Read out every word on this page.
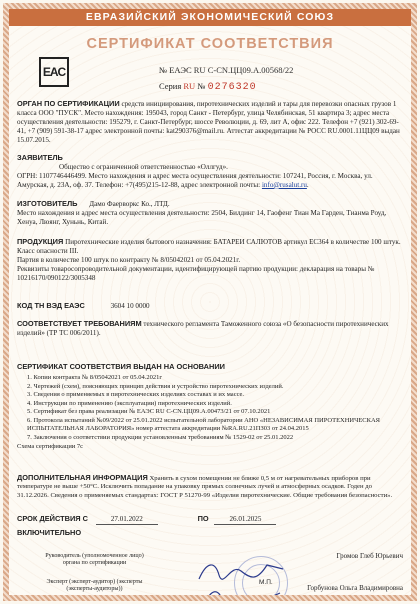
ЕВРАЗИЙСКИЙ ЭКОНОМИЧЕСКИЙ СОЮЗ
СЕРТИФИКАТ СООТВЕТСТВИЯ
EAC	№ ЕАЭС RU С-CN.ЦЦ09.А.00568/22
Серия RU № 0276320
ОРГАН ПО СЕРТИФИКАЦИИ средств инициирования, пиротехнических изделий и тары для перевозки опасных грузов 1 класса ООО "ПУСК". Место нахождения: 195043, город Санкт - Петербург, улица Челябинская, 51 квартира 3; адрес места осуществления деятельности: 195279, г. Санкт-Петербург, шоссе Революции, д. 69, лит А, офис 222. Телефон +7 (921) 302-69-41, +7 (909) 591-38-17 адрес электронной почты: kat290376@mail.ru. Аттестат аккредитации № РОСС RU.0001.11ЦЦ09 выдан 15.07.2015.
ЗАЯВИТЕЛЬ
Общество с ограниченной ответственностью «Оллгуд».
ОГРН: 1107746446499. Место нахождения и адрес места осуществления деятельности: 107241, Россия, г. Москва, ул. Амурская, д. 23А, оф. 37. Телефон: +7(495)215-12-88, адрес электронной почты: info@rusalut.ru.
ИЗГОТОВИТЕЛЬ Дамо Фаерворкс Ко., ЛТД.
Место нахождения и адрес места осуществления деятельности: 2504, Билдинг 14, Гаофенг Тиан Ма Гарден, Тианма Роуд, Хенуа, Люянг, Хуньнь, Китай.
ПРОДУКЦИЯ Пиротехнические изделия бытового назначения: БАТАРЕИ САЛЮТОВ артикул ЕС364 в количестве 100 штук. Класс опасности III.
Партия в количестве 100 штук по контракту № 8/05042021 от 05.04.2021г.
Реквизиты товаросопроводительной документации, идентифицирующей партию продукции: декларация на товары № 10216170/090122/3005348
КОД ТН ВЭД ЕАЭС	3604 10 0000
СООТВЕТСТВУЕТ ТРЕБОВАНИЯМ технического регламента Таможенного союза «О безопасности пиротехнических изделий» (ТР ТС 006/2011).
СЕРТИФИКАТ СООТВЕТСТВИЯ ВЫДАН НА ОСНОВАНИИ
1. Копии контракта № 8/05042021 от 05.04.2021г
2. Чертежей (схем), поясняющих принцип действия и устройство пиротехнических изделий.
3. Сведения о применяемых в пиротехнических изделиях составах и их массе.
4. Инструкции по применению (эксплуатации) пиротехнических изделий.
5. Сертификат без права реализации № ЕАЭС RU С-CN.ЦЦ09.А.00473/21 от 07.10.2021
6. Протокола испытаний №09/2022 от 25.01.2022 испытательной лаборатории АНО «НЕЗАВИСИМАЯ ПИРОТЕХНИЧЕСКАЯ ИСПЫТАТЕЛЬНАЯ ЛАБОРАТОРИЯ» номер аттестата аккредитации №RA.RU.21ПЗ03 от 24.04.2015
7. Заключения о соответствии продукции установленным требованиям № 1529-02 от 25.01.2022
Схема сертификации 7с
ДОПОЛНИТЕЛЬНАЯ ИНФОРМАЦИЯ Хранить в сухом помещении не ближе 0,5 м от нагревательных приборов при температуре не выше +50°С. Исключить попадание на упаковку прямых солнечных лучей и атмосферных осадков. Годен до 31.12.2026. Сведения о применяемых стандартах: ГОСТ Р 51270-99 «Изделия пиротехнические. Общие требования безопасности».
СРОК ДЕЙСТВИЯ С	27.01.2022	ПО	26.01.2025
ВКЛЮЧИТЕЛЬНО
Руководитель (уполномоченное лицо) органа по сертификации
Громов Глеб Юрьевич
Эксперт (эксперт-аудитор) (эксперты (эксперты-аудиторы))	Горбунова Ольга Владимировна
М.П.
